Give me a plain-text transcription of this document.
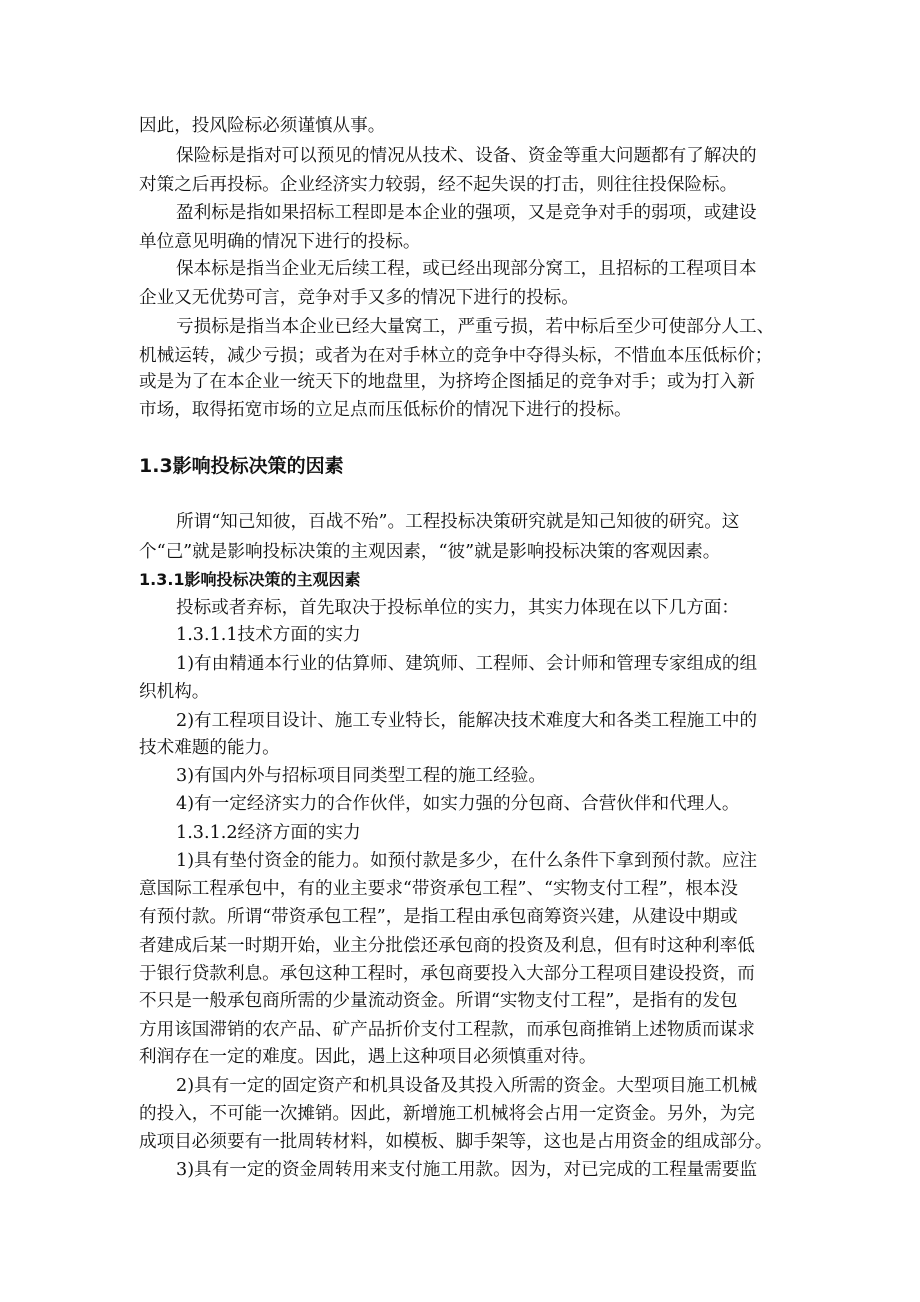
因此，投风险标必须谨慎从事。
保险标是指对可以预见的情况从技术、设备、资金等重大问题都有了解决的
对策之后再投标。企业经济实力较弱，经不起失误的打击，则往往投保险标。
盈利标是指如果招标工程即是本企业的强项，又是竞争对手的弱项，或建设
单位意见明确的情况下进行的投标。
保本标是指当企业无后续工程，或已经出现部分窝工，且招标的工程项目本
企业又无优势可言，竞争对手又多的情况下进行的投标。
亏损标是指当本企业已经大量窝工，严重亏损，若中标后至少可使部分人工、
机械运转，减少亏损；或者为在对手林立的竞争中夺得头标，不惜血本压低标价；
或是为了在本企业一统天下的地盘里，为挤垮企图插足的竞争对手；或为打入新
市场，取得拓宽市场的立足点而压低标价的情况下进行的投标。
1.3影响投标决策的因素
所谓“知己知彼，百战不殆”。工程投标决策研究就是知己知彼的研究。这
个“己”就是影响投标决策的主观因素，“彼”就是影响投标决策的客观因素。
1.3.1影响投标决策的主观因素
投标或者弃标，首先取决于投标单位的实力，其实力体现在以下几方面：
1.3.1.1技术方面的实力
1)有由精通本行业的估算师、建筑师、工程师、会计师和管理专家组成的组
织机构。
2)有工程项目设计、施工专业特长，能解决技术难度大和各类工程施工中的
技术难题的能力。
3)有国内外与招标项目同类型工程的施工经验。
4)有一定经济实力的合作伙伴，如实力强的分包商、合营伙伴和代理人。
1.3.1.2经济方面的实力
1)具有垫付资金的能力。如预付款是多少，在什么条件下拿到预付款。应注
意国际工程承包中，有的业主要求“带资承包工程”、“实物支付工程”，根本没
有预付款。所谓“带资承包工程”，是指工程由承包商筹资兴建，从建设中期或
者建成后某一时期开始，业主分批偿还承包商的投资及利息，但有时这种利率低
于银行贷款利息。承包这种工程时，承包商要投入大部分工程项目建设投资，而
不只是一般承包商所需的少量流动资金。所谓“实物支付工程”，是指有的发包
方用该国滞销的农产品、矿产品折价支付工程款，而承包商推销上述物质而谋求
利润存在一定的难度。因此，遇上这种项目必须慎重对待。
2)具有一定的固定资产和机具设备及其投入所需的资金。大型项目施工机械
的投入，不可能一次摊销。因此，新增施工机械将会占用一定资金。另外，为完
成项目必须要有一批周转材料，如模板、脚手架等，这也是占用资金的组成部分。
3)具有一定的资金周转用来支付施工用款。因为，对已完成的工程量需要监
